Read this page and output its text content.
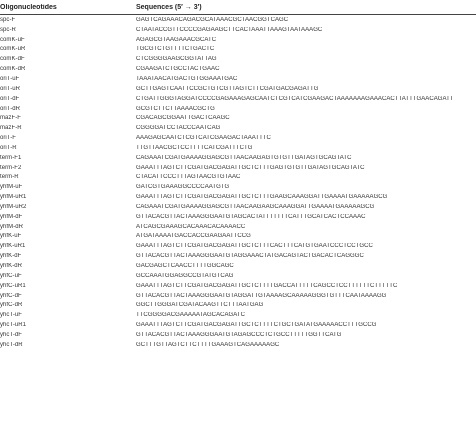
Oligonucleotides	Sequences (5′ → 3′)
spc-F	GAGTCAGAAACAGACGCATAAACGCTAACGGTCAGC
spc-R	CTAATACCGTTCCCCGAGAAGCTTCACTAAATTAAAGTAATAAAGC
comK-uF	AGAGCGTAAGAAACGCATC
comK-uR	TGCGTCTGTTTTCTGACTC
comK-dF	CTCGGGGAAGCGGTATTAG
comK-dR	CGAAGATCTGCCTACTGAAC
oriT-uF	TAAATAACATGACTGTGGAAATGAC
oriT-uR	GCTTGAGTCAATTCCGCTGTCGTTAGTCTTCGATGACGAGATTG
oriT-dF	CTGATTGGGTAGGATCCCCGAGAAAGAGCAATCTCGTCATCGAAGACTAAAAAAAGAAACACTTATTTGAACAGATT
oriT-dR	GCGTCTTCTTAAAACGCTG
mazF-F	CGACAGCGGAATTGACTCAAGC
mazF-R	CGGGGATCCTACCCAATCAG
oriT-F	AAAGAGCAATCTCGTCATCGAAGACTAAATTTC
oriT-R	TTGTTAACGCTCCTTTTCATCGATTTCTG
term-F1	CAGAAATCGATGAAAAGGAGCGTTAACAAGAGTGTGTTGATAGTGCAGTATC
term-F2	GAAATTTAGTCTTCGATGACGAGATTGCTCTTTGAGTGTGTTGATAGTGCAGTATC
term-R	CTACATTCCCTTTAGTAACGTGTAAC
yhfM-uF	GATCGTGAAAGGCCCCAATGTG
yhfM-uR1	GAAATTTAGTCTTCGATGACGAGATTGCTCTTTGAAGCAAAGGATTGAAAATGAAAAAGCG
yhfM-uR2	CAGAAATCGATGAAAAGGAGCGTTAACAAGAAGCAAAGGATTGAAAATGAAAAAGCG
yhfM-dF	GTTACACGTTACTAAAGGGAATGTAGCACTATTTTTTTCATTTGCATCACTCCAAAC
yhfM-dR	ATCAGCGAAAGCACAAACACAAAACC
yhfK-uF	ATGATAAAATGACCACCGAAGAATTCCG
yhfK-uR1	GAAATTTAGTCTTCGATGACGAGATTGCTCTTTCACTTTCATGTGAATCCCTCCTGCC
yhfK-dF	GTTACACGTTACTAAAGGGAATGTAGGAAACTATGACAGTACTGACACTCAGGGC
yhfK-dR	GACGAGCTCAACCTTTTGGCAGC
yhfC-uF	GCCAAATGGAGGCCGTATGTCAG
yhfC-uR1	GAAATTTAGTCTTCGATGACGAGATTGCTCTTTTGACCATTTTTCAGCCTCCTTTTTTCTTTTTC
yhfC-dF	GTTACACGTTACTAAAGGGAATGTAGGATTGTAAAAGCAAAAAGGGTGTTTCAATAAAAGG
yhfC-dR	GGCTTGGGATCGATACAAGTTCTTTAATGAG
yhcT-uF	TTCGGGGACGAAAAATAGCACAGATC
yhcT-uR1	GAAATTTAGTCTTCGATGACGAGATTGCTCTTTTCTGCTGATATGAAAAACCTTTGCCG
yhcT-dF	GTTACACGTTACTAAAGGGAATGTAGAGCCCTCTGCCTTTTTGGTTCATG
yhcT-dR	GCTTTGTTAGTCTTCTTTTGAAAGTCAGAAAAAGC
